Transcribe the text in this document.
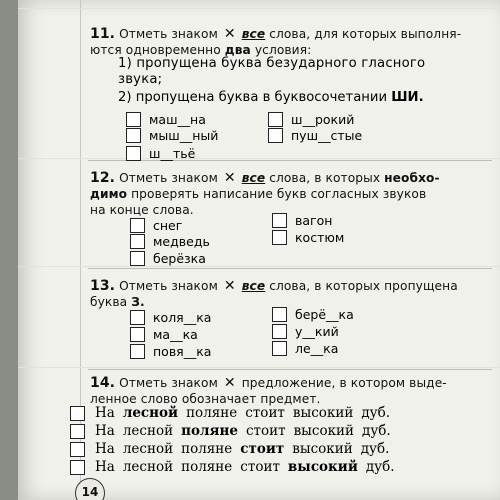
11. Отметь знаком ✕ все слова, для которых выполня-
ются одновременно два условия:
1) пропущена буква безударного гласного
звука;
2) пропущена буква в буквосочетании ШИ.
маш__на
мыш__ный
ш__тьё
ш__рокий
пуш__стые
12. Отметь знаком ✕ все слова, в которых необхо-
димо проверять написание букв согласных звуков
на конце слова.
снег
медведь
берёзка
вагон
костюм
13. Отметь знаком ✕ все слова, в которых пропущена
буква З.
коля__ка
ма__ка
повя__ка
берё__ка
у__кий
ле__ка
14. Отметь знаком ✕ предложение, в котором выде-
ленное слово обозначает предмет.
На лесной поляне стоит высокий дуб.
На лесной поляне стоит высокий дуб.
На лесной поляне стоит высокий дуб.
На лесной поляне стоит высокий дуб.
14
